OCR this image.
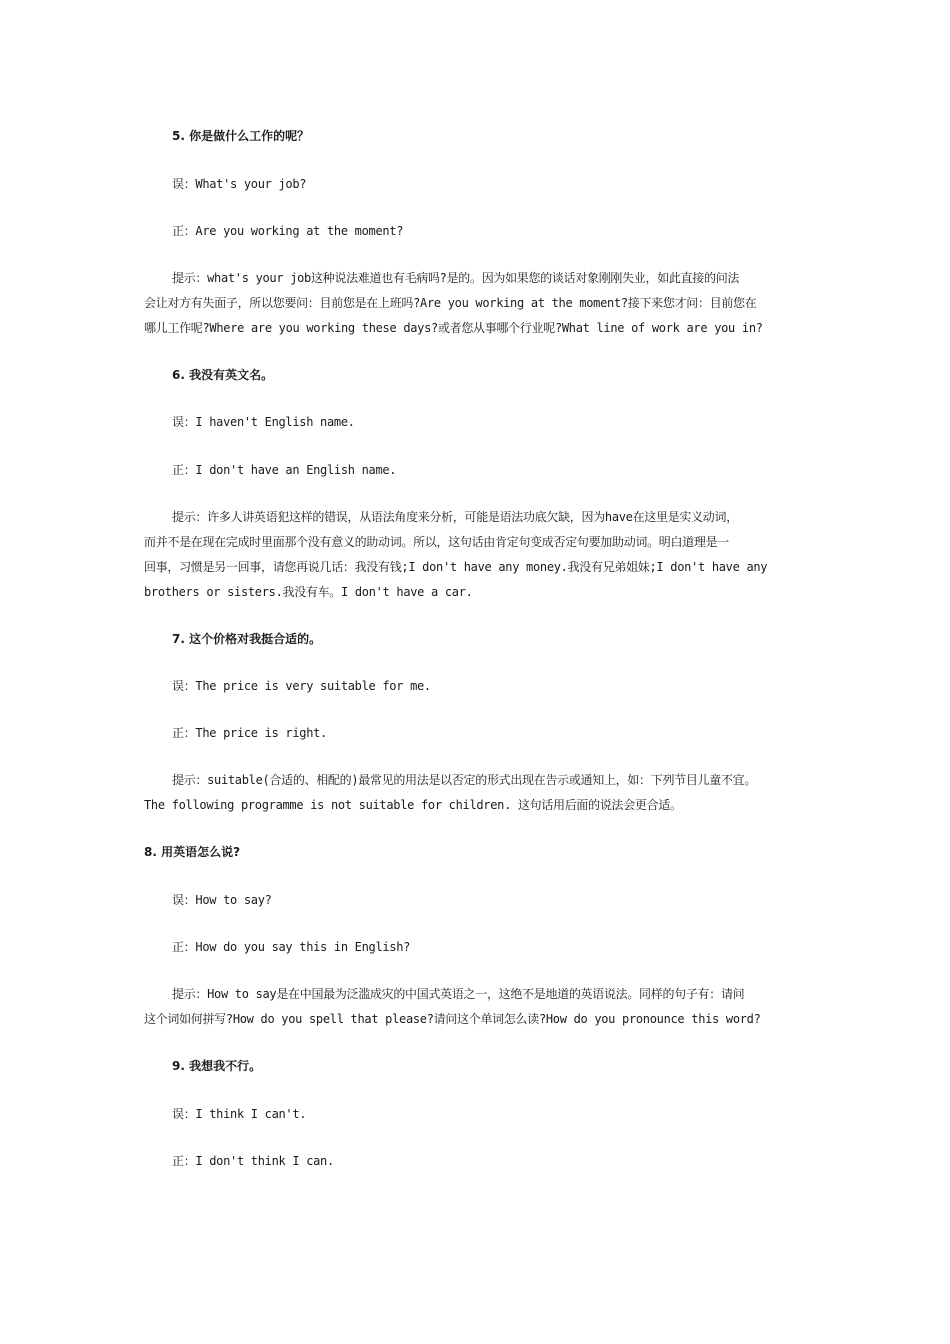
5. 你是做什么工作的呢？
误：What's your job?
正：Are you working at the moment?
提示：what's your job这种说法难道也有毛病吗?是的。因为如果您的谈话对象刚刚失业，如此直接的问法
会让对方有失面子，所以您要问：目前您是在上班吗?Are you working at the moment?接下来您才问：目前您在
哪儿工作呢?Where are you working these days?或者您从事哪个行业呢?What line of work are you in?
6. 我没有英文名。
误：I haven't English name.
正：I don't have an English name.
提示：许多人讲英语犯这样的错误，从语法角度来分析，可能是语法功底欠缺，因为have在这里是实义动词，
而并不是在现在完成时里面那个没有意义的助动词。所以，这句话由肯定句变成否定句要加助动词。明白道理是一
回事，习惯是另一回事，请您再说几话：我没有钱;I don't have any money.我没有兄弟姐妹;I don't have any
brothers or sisters.我没有车。I don't have a car.
7. 这个价格对我挺合适的。
误：The price is very suitable for me.
正：The price is right.
提示：suitable(合适的、相配的)最常见的用法是以否定的形式出现在告示或通知上，如：下列节目儿童不宜。
The following programme is not suitable for children. 这句话用后面的说法会更合适。
8. 用英语怎么说?
误：How to say?
正：How do you say this in English?
提示：How to say是在中国最为泛滥成灾的中国式英语之一，这绝不是地道的英语说法。同样的句子有：请问
这个词如何拼写?How do you spell that please?请问这个单词怎么读?How do you pronounce this word?
9. 我想我不行。
误：I think I can't.
正：I don't think I can.
